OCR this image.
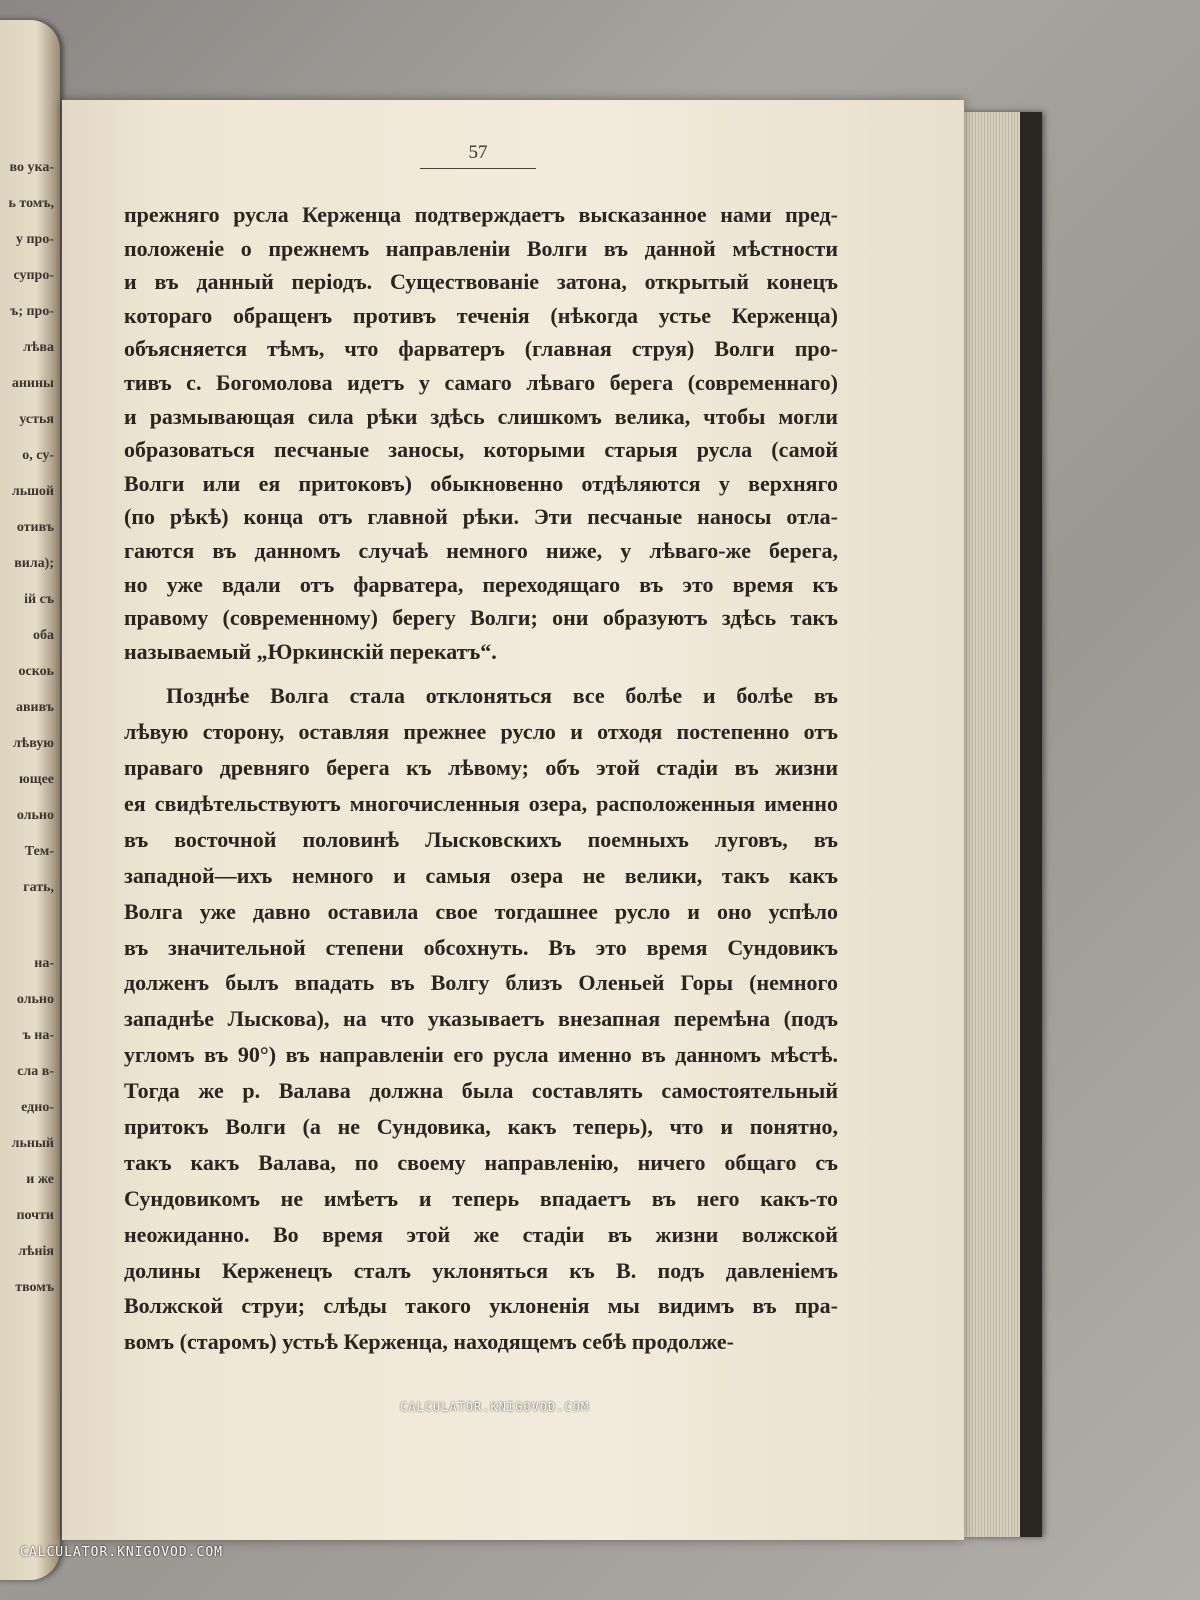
во ука-
ь томъ,
у про-
супро-
ъ; про-
лѣва
анины
устья
о, су-
льшой
отивъ
вила);
ій съ
обa
оскоь
авивъ
лѣвую
ющее
ольно
Тем-
гать,
на-
ольно
ъ на-
сла в-
едно-
льный
и же
почти
лѣнія
твомъ
57
прежняго русла Керженца подтверждаетъ высказанное нами пред-
положеніе о прежнемъ направленіи Волги въ данной мѣстности
и въ данный періодъ. Существованіе затона, открытый конецъ
котораго обращенъ противъ теченія (нѣкогда устье Керженца)
объясняется тѣмъ, что фарватеръ (главная струя) Волги про-
тивъ с. Богомолова идетъ у самаго лѣваго берега (современнаго)
и размывающая сила рѣки здѣсь слишкомъ велика, чтобы могли
образоваться песчаные заносы, которыми старыя русла (самой
Волги или ея притоковъ) обыкновенно отдѣляются у верхняго
(по рѣкѣ) конца отъ главной рѣки. Эти песчаные наносы отла-
гаются въ данномъ случаѣ немного ниже, у лѣваго-же берега,
но уже вдали отъ фарватера, переходящаго въ это время къ
правому (современному) берегу Волги; они образуютъ здѣсь такъ
называемый „Юркинскій перекатъ“.
Позднѣе Волга стала отклоняться все болѣе и болѣе въ
лѣвую сторону, оставляя прежнее русло и отходя постепенно отъ
праваго древняго берега къ лѣвому; объ этой стадіи въ жизни
ея свидѣтельствуютъ многочисленныя озера, расположенныя именно
въ восточной половинѣ Лысковскихъ поемныхъ луговъ, въ
западной—ихъ немного и самыя озера не велики, такъ какъ
Волга уже давно оставила свое тогдашнее русло и оно успѣло
въ значительной степени обсохнуть. Въ это время Сундовикъ
долженъ былъ впадать въ Волгу близъ Оленьей Горы (немного
западнѣе Лыскова), на что указываетъ внезапная перемѣна (подъ
угломъ въ 90°) въ направленіи его русла именно въ данномъ мѣстѣ.
Тогда же р. Валава должна была составлять самостоятельный
притокъ Волги (а не Сундовика, какъ теперь), что и понятно,
такъ какъ Валава, по своему направленію, ничего общаго съ
Сундовикомъ не имѣетъ и теперь впадаетъ въ него какъ-то
неожиданно. Во время этой же стадіи въ жизни волжской
долины Керженецъ сталъ уклоняться къ В. подъ давленіемъ
Волжской струи; слѣды такого уклоненія мы видимъ въ пра-
вомъ (старомъ) устьѣ Керженца, находящемъ себѣ продолже-
CALCULATOR.KNIGOVOD.COM
CALCULATOR.KNIGOVOD.COM
